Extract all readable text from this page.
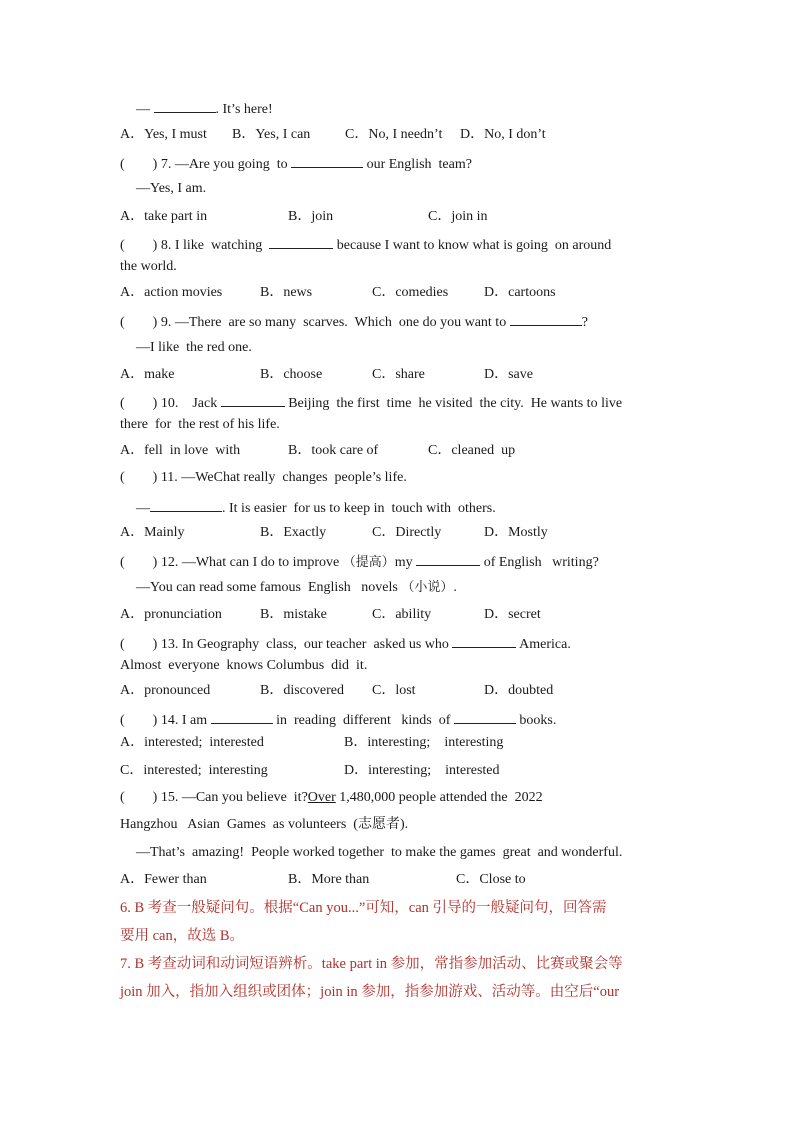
—	. It’s here!
A．Yes, I must B．Yes, I can C．No, I needn’t D．No, I don’t
(　　) 7. —Are you going  to	our English  team?
—Yes, I am.
A．take part in	B．join	C．join in
(　　) 8. I like  watching	because I want to know what is going  on around
the world.
A．action movies	B．news	C．comedies	D．cartoons
(　　) 9. —There  are so many  scarves.  Which  one do you want to	?
—I like  the red one.
A．make	B．choose	C．share	D．save
(　　) 10.　Jack	Beijing  the first  time  he visited  the city.  He wants to live
there  for  the rest of his life.
A．fell  in love  with	B．took care of	C．cleaned  up
(　　) 11. —WeChat really  changes  people’s life.
—	. It is easier  for us to keep in  touch with  others.
A．Mainly	B．Exactly	C．Directly	D．Mostly
(　　) 12. —What can I do to improve （提高）my	of English   writing?
—You can read some famous  English   novels （小说）.
A．pronunciation	B．mistake	C．ability	D．secret
(　　) 13. In Geography  class,  our teacher  asked us who	America.
Almost  everyone  knows Columbus  did  it.
A．pronounced	B．discovered C．lost	D．doubted
(　　) 14. I am	in  reading  different   kinds  of	books.
A．interested;  interested	B．interesting;    interesting
C．interested;  interesting	D．interesting;    interested
(　　) 15. —Can you believe  it?Over 1,480,000 people attended the  2022
Hangzhou   Asian  Games  as volunteers (志愿者).
—That’s  amazing!  People worked together  to make the games  great  and wonderful.
A．Fewer than	B．More than	C．Close to
6. B 考查一般疑问句。根据“Can you...”可知，can 引导的一般疑问句，回答需
要用 can，故选 B。
7. B 考查动词和动词短语辨析。take part in 参加，常指参加活动、比赛或聚会等
join 加入，指加入组织或团体；join in 参加，指参加游戏、活动等。由空后“our
